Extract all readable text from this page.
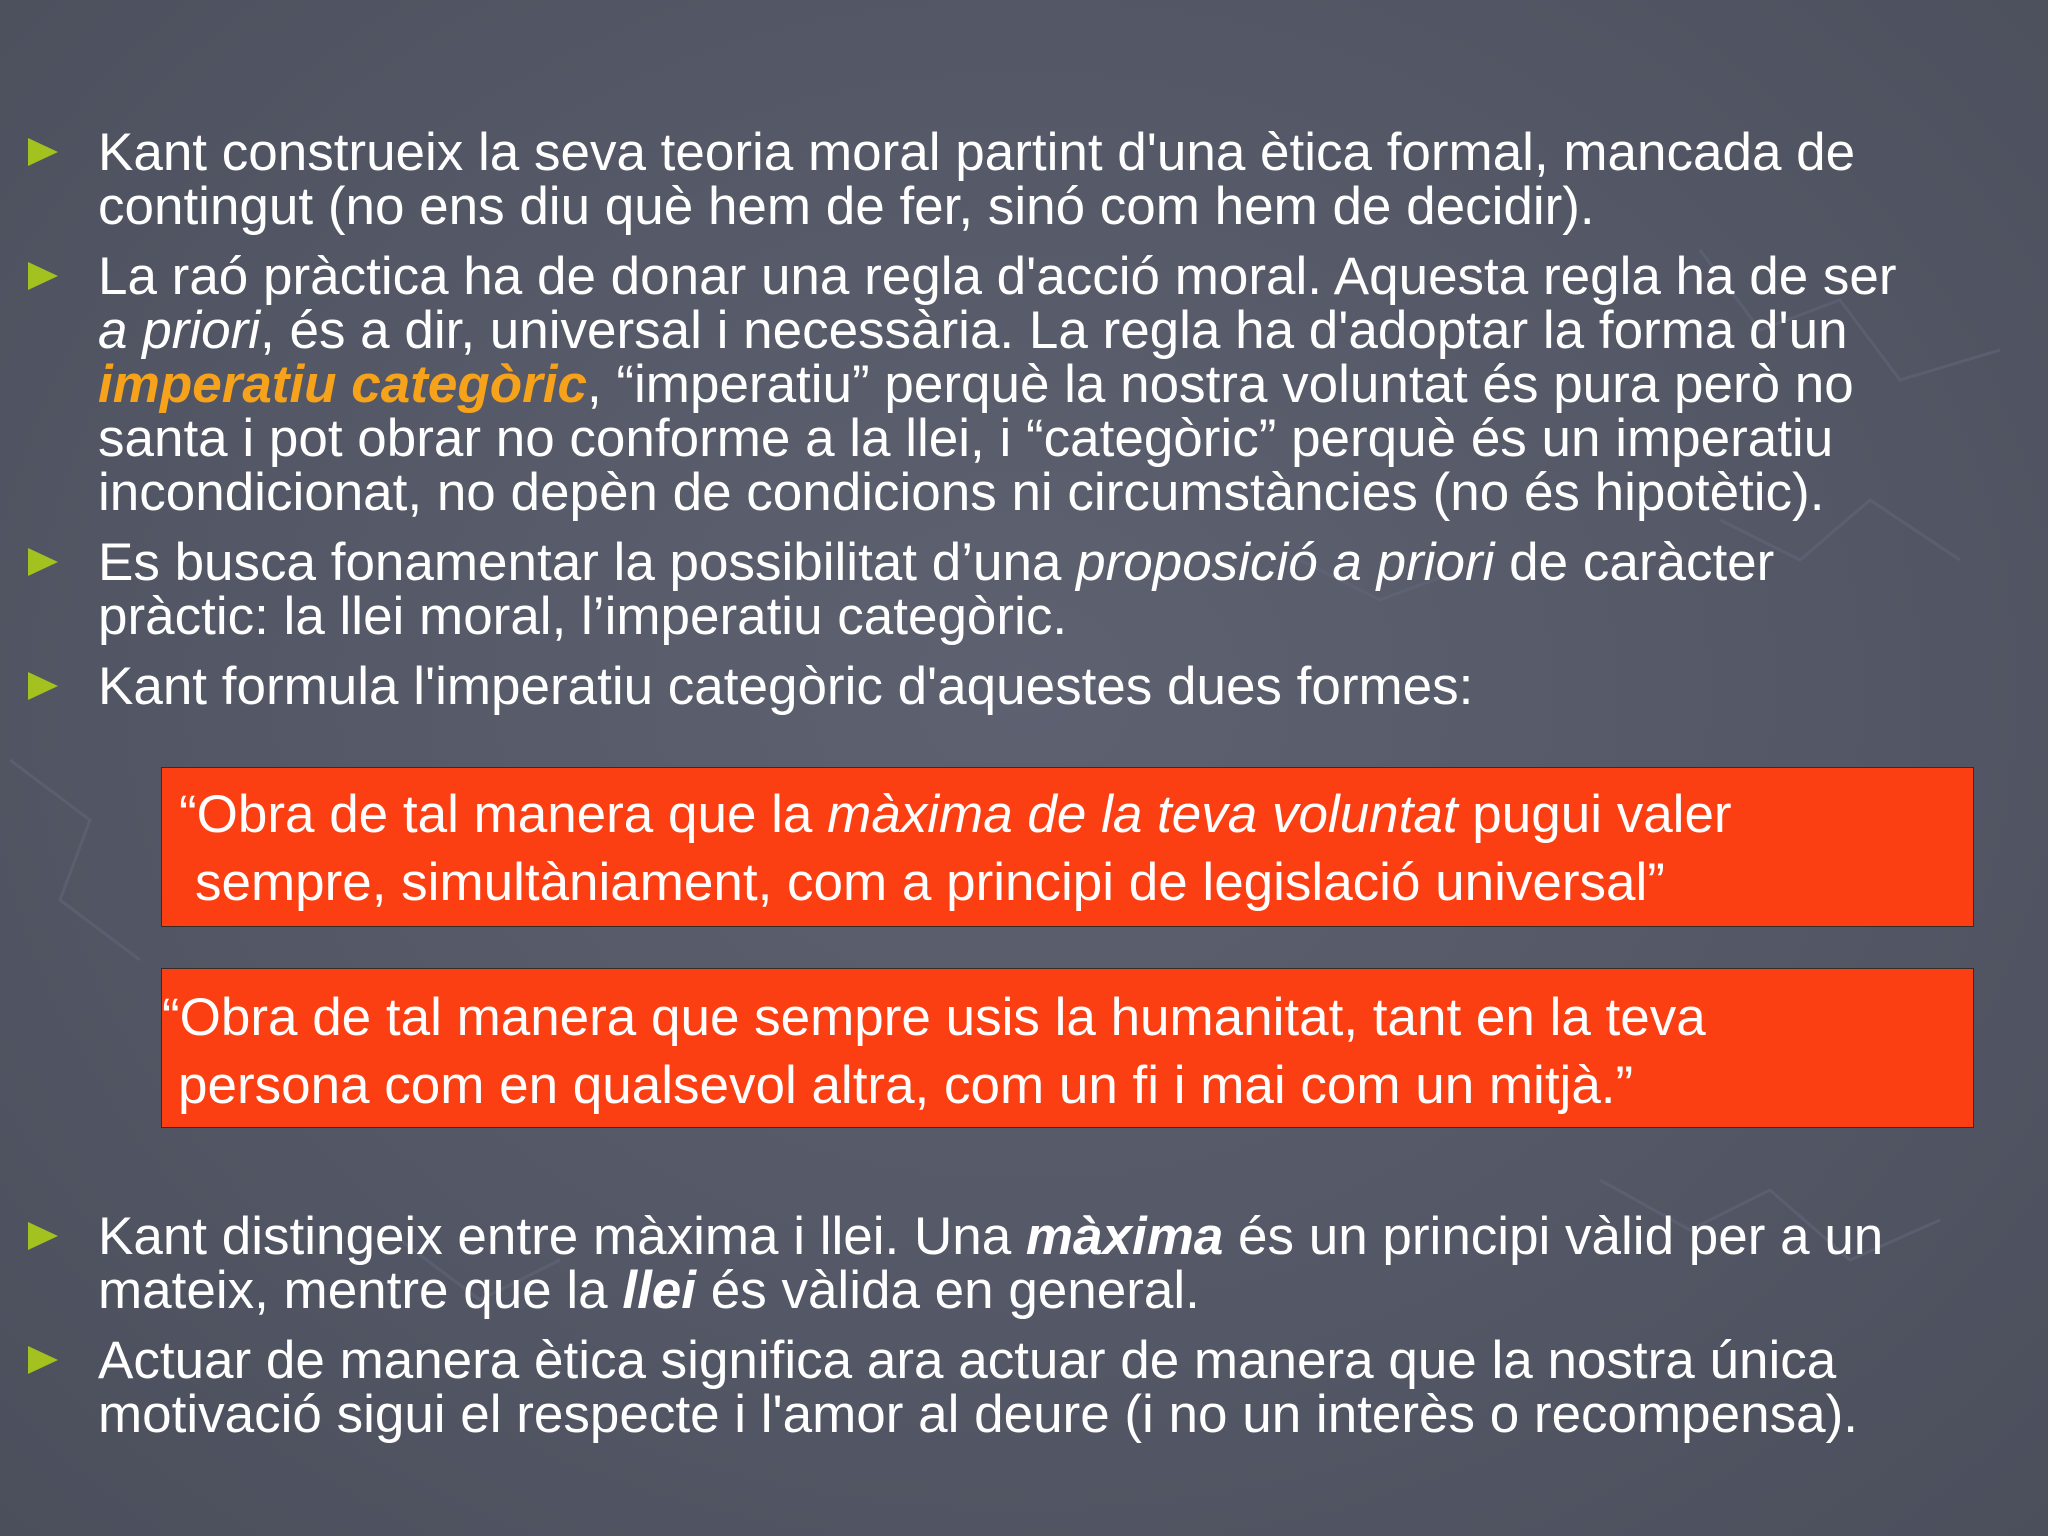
Kant construeix la seva teoria moral partint d'una ètica formal, mancada de
contingut (no ens diu què hem de fer, sinó com hem de decidir).
La raó pràctica ha de donar una regla d'acció moral. Aquesta regla ha de ser
a priori, és a dir, universal i necessària. La regla ha d'adoptar la forma d'un
imperatiu categòric, “imperatiu” perquè la nostra voluntat és pura però no
santa i pot obrar no conforme a la llei, i “categòric” perquè és un imperatiu
incondicionat, no depèn de condicions ni circumstàncies (no és hipotètic).
Es busca fonamentar la possibilitat d’una proposició a priori de caràcter
pràctic: la llei moral, l’imperatiu categòric.
Kant formula l'imperatiu categòric d'aquestes dues formes:
“Obra de tal manera que la màxima de la teva voluntat pugui valer
sempre, simultàniament, com a principi de legislació universal”
“Obra de tal manera que sempre usis la humanitat, tant en la teva
persona com en qualsevol altra, com un fi i mai com un mitjà.”
Kant distingeix entre màxima i llei. Una màxima és un principi vàlid per a un
mateix, mentre que la llei és vàlida en general.
Actuar de manera ètica significa ara actuar de manera que la nostra única
motivació sigui el respecte i l'amor al deure (i no un interès o recompensa).
